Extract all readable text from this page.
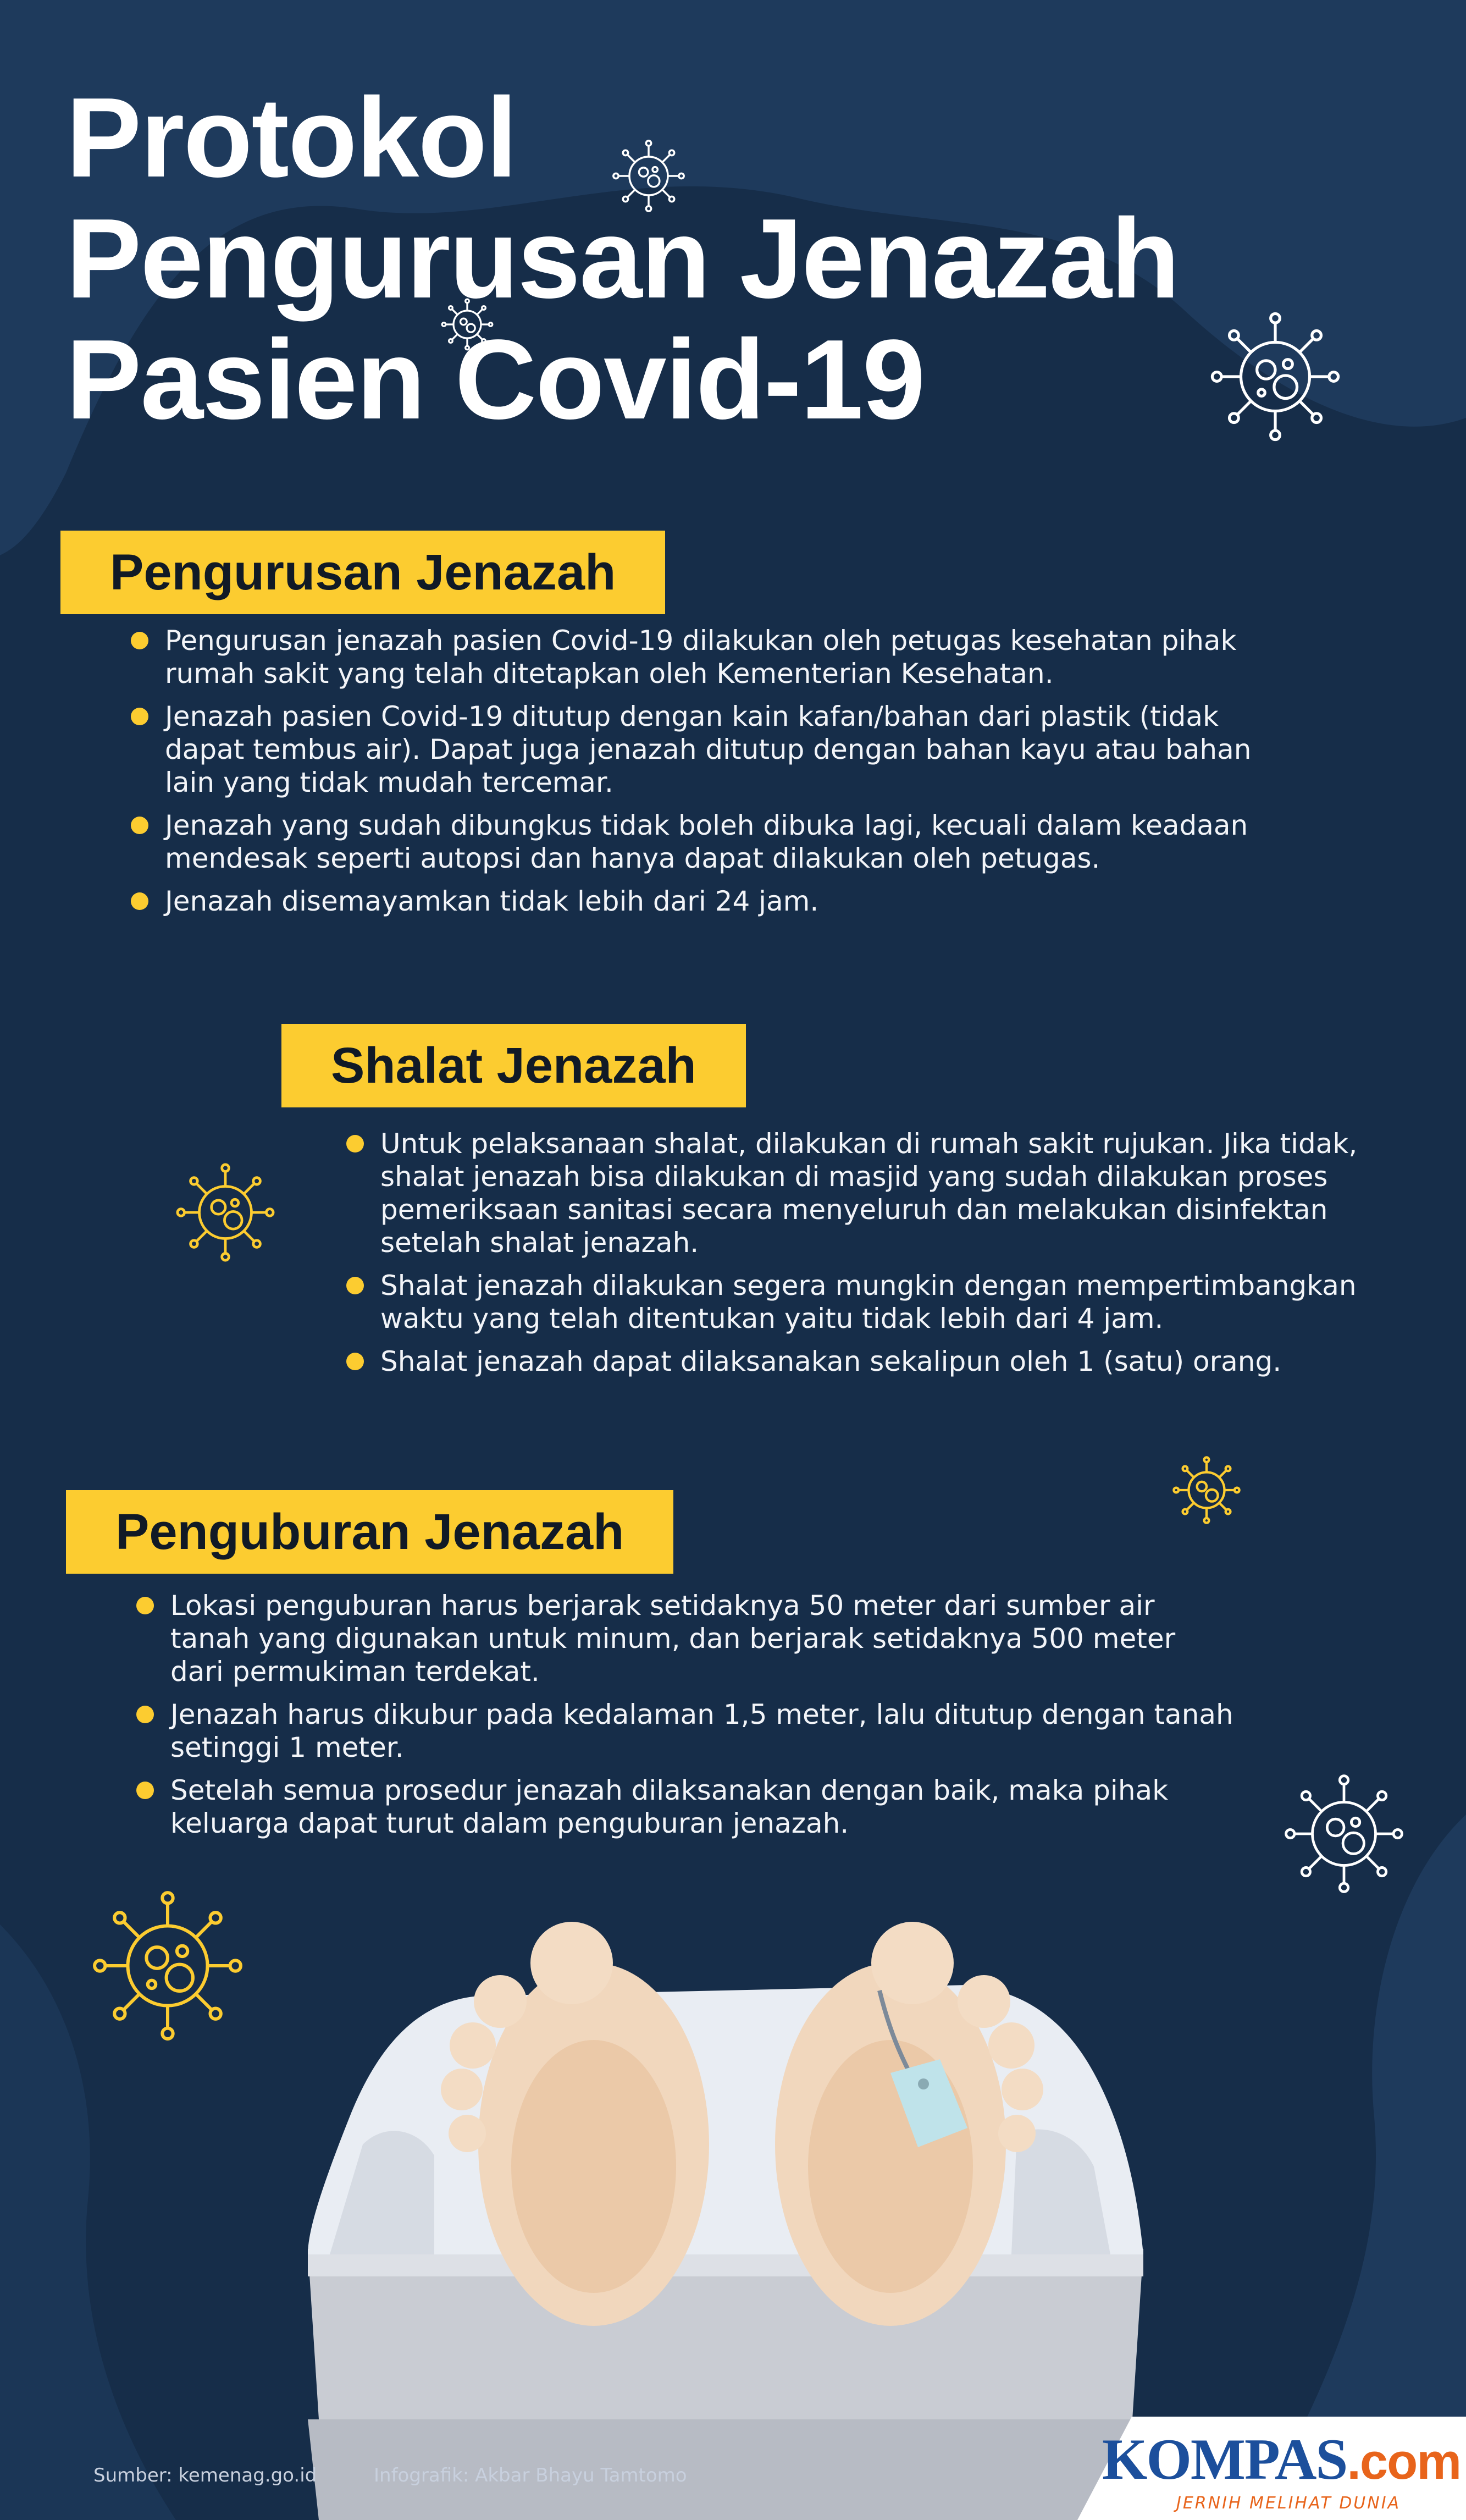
Protokol
Pengurusan Jenazah
Pasien Covid-19
Pengurusan Jenazah
Pengurusan jenazah pasien Covid-19 dilakukan oleh petugas kesehatan pihak rumah sakit yang telah ditetapkan oleh Kementerian Kesehatan.
Jenazah pasien Covid-19 ditutup dengan kain kafan/bahan dari plastik (tidak dapat tembus air). Dapat juga jenazah ditutup dengan bahan kayu atau bahan lain yang tidak mudah tercemar.
Jenazah yang sudah dibungkus tidak boleh dibuka lagi, kecuali dalam keadaan mendesak seperti autopsi dan hanya dapat dilakukan oleh petugas.
Jenazah disemayamkan tidak lebih dari 24 jam.
Shalat Jenazah
Untuk pelaksanaan shalat, dilakukan di rumah sakit rujukan. Jika tidak, shalat jenazah bisa dilakukan di masjid yang sudah dilakukan proses pemeriksaan sanitasi secara menyeluruh dan melakukan disinfektan setelah shalat jenazah.
Shalat jenazah dilakukan segera mungkin dengan mempertimbangkan waktu yang telah ditentukan yaitu tidak lebih dari 4 jam.
Shalat jenazah dapat dilaksanakan sekalipun oleh 1 (satu) orang.
Penguburan Jenazah
Lokasi penguburan harus berjarak setidaknya 50 meter dari sumber air tanah yang digunakan untuk minum, dan berjarak setidaknya 500 meter dari permukiman terdekat.
Jenazah harus dikubur pada kedalaman 1,5 meter, lalu ditutup dengan tanah setinggi 1 meter.
Setelah semua prosedur jenazah dilaksanakan dengan baik, maka pihak keluarga dapat turut dalam penguburan jenazah.
Sumber: kemenag.go.id	Infografik: Akbar Bhayu Tamtomo	KOMPAS.com
JERNIH MELIHAT DUNIA
